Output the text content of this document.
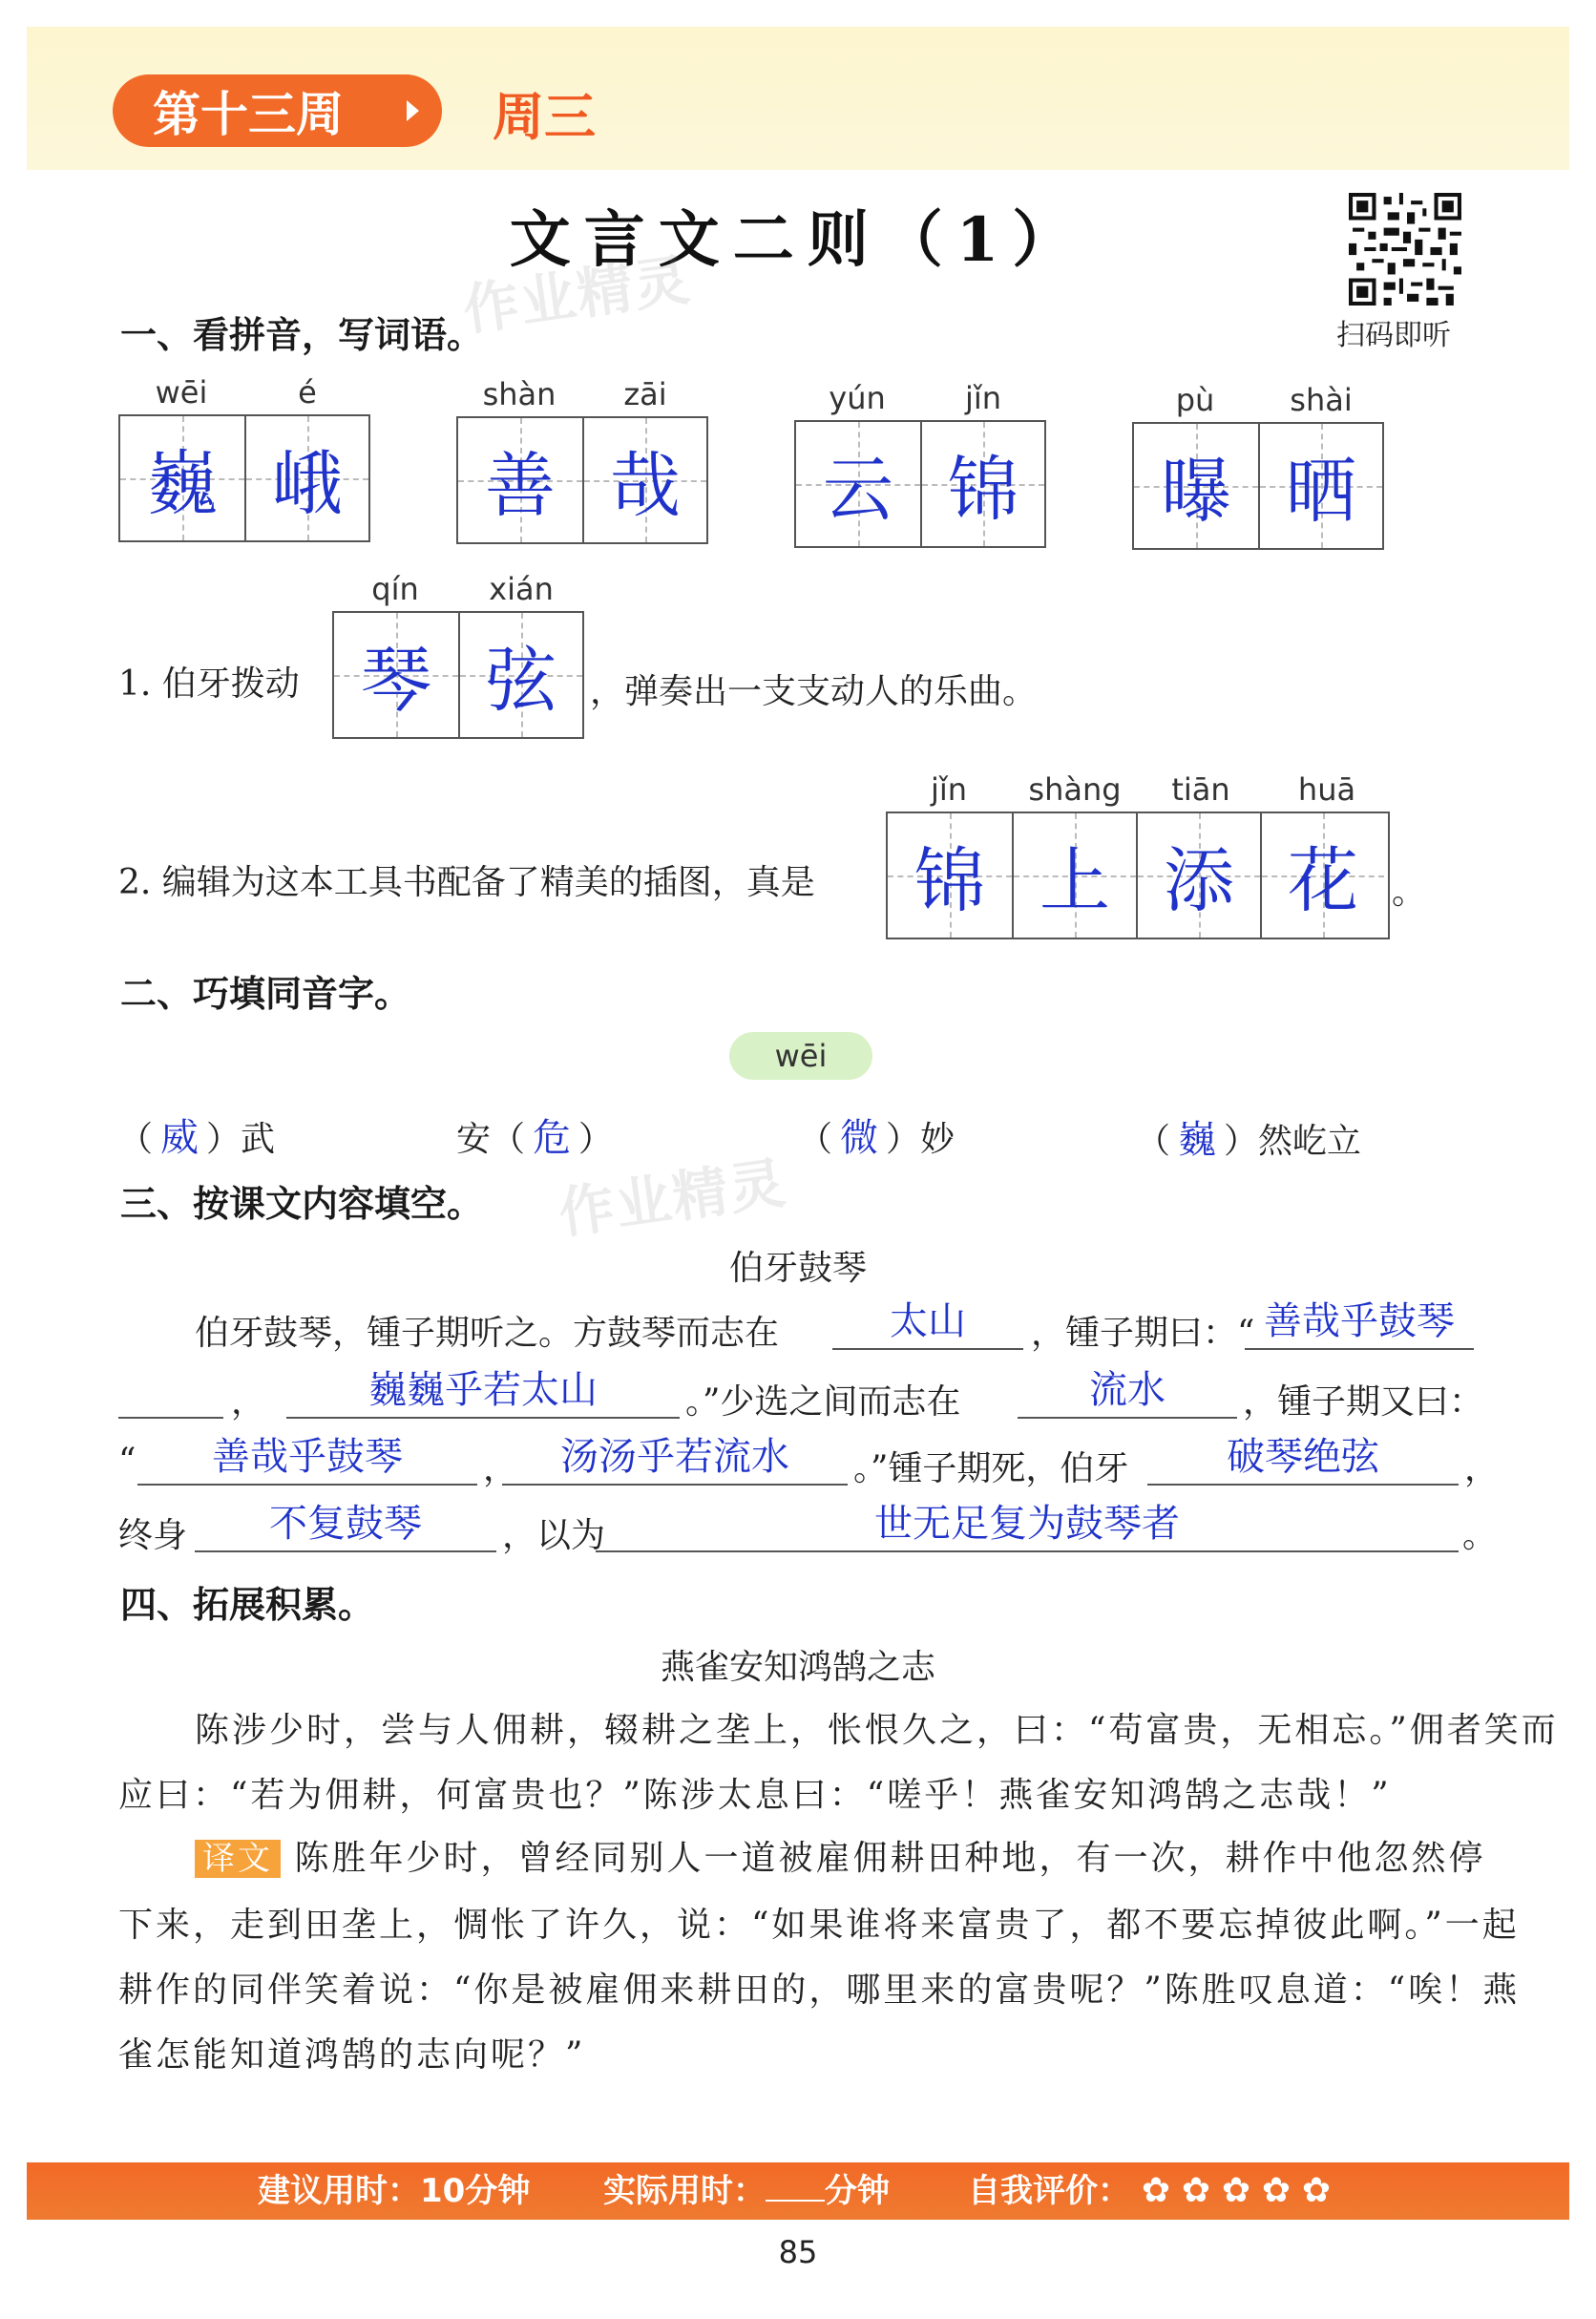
第十三周	周三
文言文二则（1）
扫码即听
作业精灵
作业精灵
一、看拼音，写词语。
wēi	é
巍 峨
shàn	zāi
善 哉
yún	jǐn
云 锦
pù	shài
曝 晒
1. 伯牙拨动
qín	xián
琴 弦 ，弹奏出一支支动人的乐曲。
2. 编辑为这本工具书配备了精美的插图，真是
jǐn	shàng	tiān	huā
锦 上 添 花 。
二、巧填同音字。
wēi
（ 威 ）武	安（ 危 ）	（ 微 ）妙	（ 巍 ）然屹立
三、按课文内容填空。
伯牙鼓琴
伯牙鼓琴，锺子期听之。方鼓琴而志在	太山	，锺子期曰：“ 善哉乎鼓琴
，	巍巍乎若太山	。”少选之间而志在	流水	，锺子期又曰：
“	善哉乎鼓琴	，	汤汤乎若流水	。”锺子期死，伯牙	破琴绝弦	，
终身	不复鼓琴	，以为	世无足复为鼓琴者	。
四、拓展积累。
燕雀安知鸿鹄之志
陈涉少时，尝与人佣耕，辍耕之垄上，怅恨久之，曰：“苟富贵，无相忘。”佣者笑而
应曰：“若为佣耕，何富贵也？”陈涉太息曰：“嗟乎！燕雀安知鸿鹄之志哉！”
译文 陈胜年少时，曾经同别人一道被雇佣耕田种地，有一次，耕作中他忽然停
下来，走到田垄上，惆怅了许久，说：“如果谁将来富贵了，都不要忘掉彼此啊。”一起
耕作的同伴笑着说：“你是被雇佣来耕田的，哪里来的富贵呢？”陈胜叹息道：“唉！燕
雀怎能知道鸿鹄的志向呢？”
建议用时：10分钟 实际用时： 分钟 自我评价： ✿ ✿ ✿ ✿ ✿
85
